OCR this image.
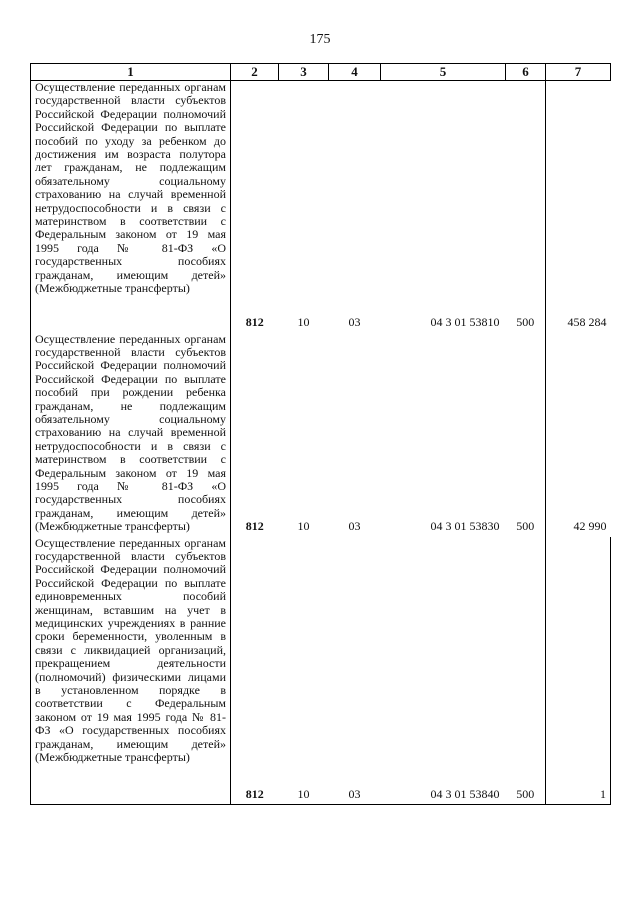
175
1	2	3	4	5	6	7
Осуществление переданных органам государственной власти субъектов Российской Федерации полномочий Российской Федерации по выплате пособий по уходу за ребенком до достижения им возраста полутора лет гражданам, не подлежащим обязательному социальному страхованию на случай временной нетрудоспособности и в связи с материнством в соответствии с Федеральным законом от 19 мая 1995 года № 81-ФЗ «О государственных пособиях гражданам, имеющим детей» (Межбюджетные трансферты)	812	10	03	04 3 01 53810	500	458 284
Осуществление переданных органам государственной власти субъектов Российской Федерации полномочий Российской Федерации по выплате пособий при рождении ребенка гражданам, не подлежащим обязательному социальному страхованию на случай временной нетрудоспособности и в связи с материнством в соответствии с Федеральным законом от 19 мая 1995 года № 81-ФЗ «О государственных пособиях гражданам, имеющим детей» (Межбюджетные трансферты)	812	10	03	04 3 01 53830	500	42 990
Осуществление переданных органам государственной власти субъектов Российской Федерации полномочий Российской Федерации по выплате единовременных пособий женщинам, вставшим на учет в медицинских учреждениях в ранние сроки беременности, уволенным в связи с ликвидацией организаций, прекращением деятельности (полномочий) физическими лицами в установленном порядке в соответствии с Федеральным законом от 19 мая 1995 года № 81-ФЗ «О государственных пособиях гражданам, имеющим детей» (Межбюджетные трансферты)	812	10	03	04 3 01 53840	500	1
